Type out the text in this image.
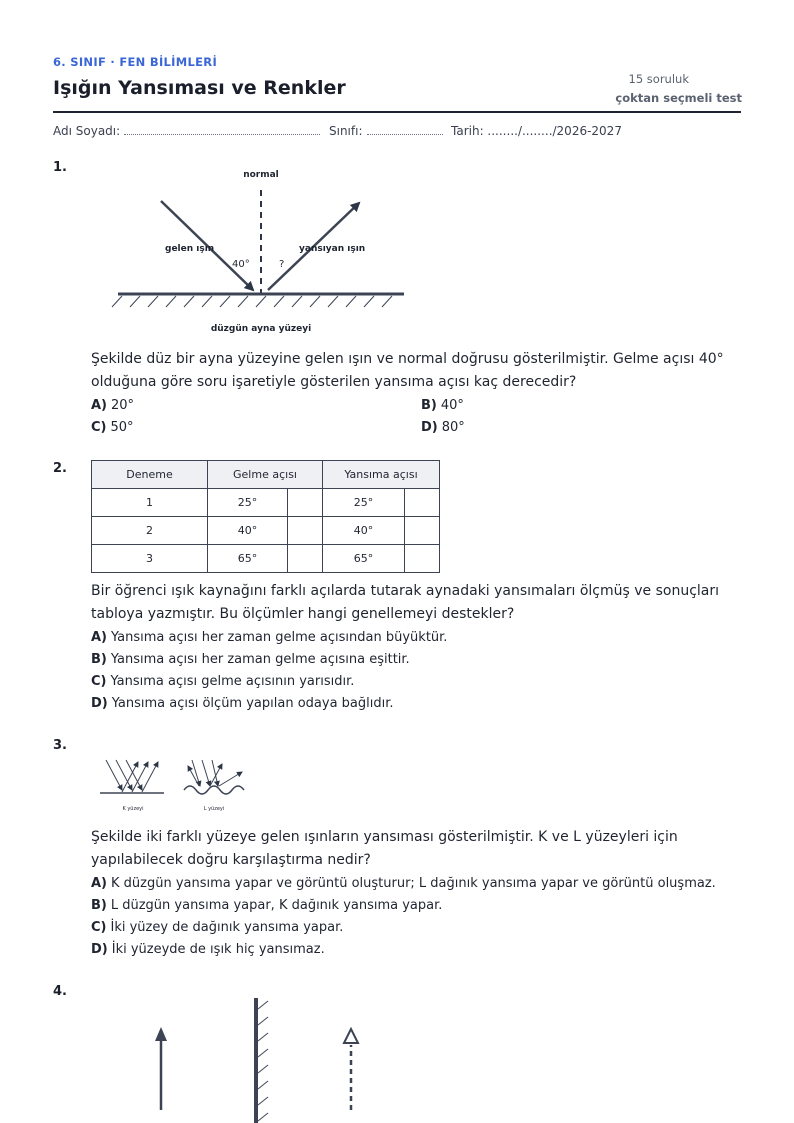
6. SINIF · FEN BİLİMLERİ
Işığın Yansıması ve Renkler	15 soruluk
çoktan seçmeli test
Adı Soyadı:	Sınıfı:	Tarih: ......../......../2026-2027
1.	normal
gelen ışın	yansıyan ışın
40°	?
düzgün ayna yüzeyi
Şekilde düz bir ayna yüzeyine gelen ışın ve normal doğrusu gösterilmiştir. Gelme açısı 40° olduğuna göre soru işaretiyle gösterilen yansıma açısı kaç derecedir?
A) 20°	B) 40°
C) 50°	D) 80°
2.	Deneme	Gelme açısı		Yansıma açısı	
1	25°		25°	
2	40°		40°	
3	65°		65°	
Bir öğrenci ışık kaynağını farklı açılarda tutarak aynadaki yansımaları ölçmüş ve sonuçları tabloya yazmıştır. Bu ölçümler hangi genellemeyi destekler?
A) Yansıma açısı her zaman gelme açısından büyüktür.
B) Yansıma açısı her zaman gelme açısına eşittir.
C) Yansıma açısı gelme açısının yarısıdır.
D) Yansıma açısı ölçüm yapılan odaya bağlıdır.
3.
K yüzeyi	L yüzeyi
Şekilde iki farklı yüzeye gelen ışınların yansıması gösterilmiştir. K ve L yüzeyleri için yapılabilecek doğru karşılaştırma nedir?
A) K düzgün yansıma yapar ve görüntü oluşturur; L dağınık yansıma yapar ve görüntü oluşmaz.
B) L düzgün yansıma yapar, K dağınık yansıma yapar.
C) İki yüzey de dağınık yansıma yapar.
D) İki yüzeyde de ışık hiç yansımaz.
4.
